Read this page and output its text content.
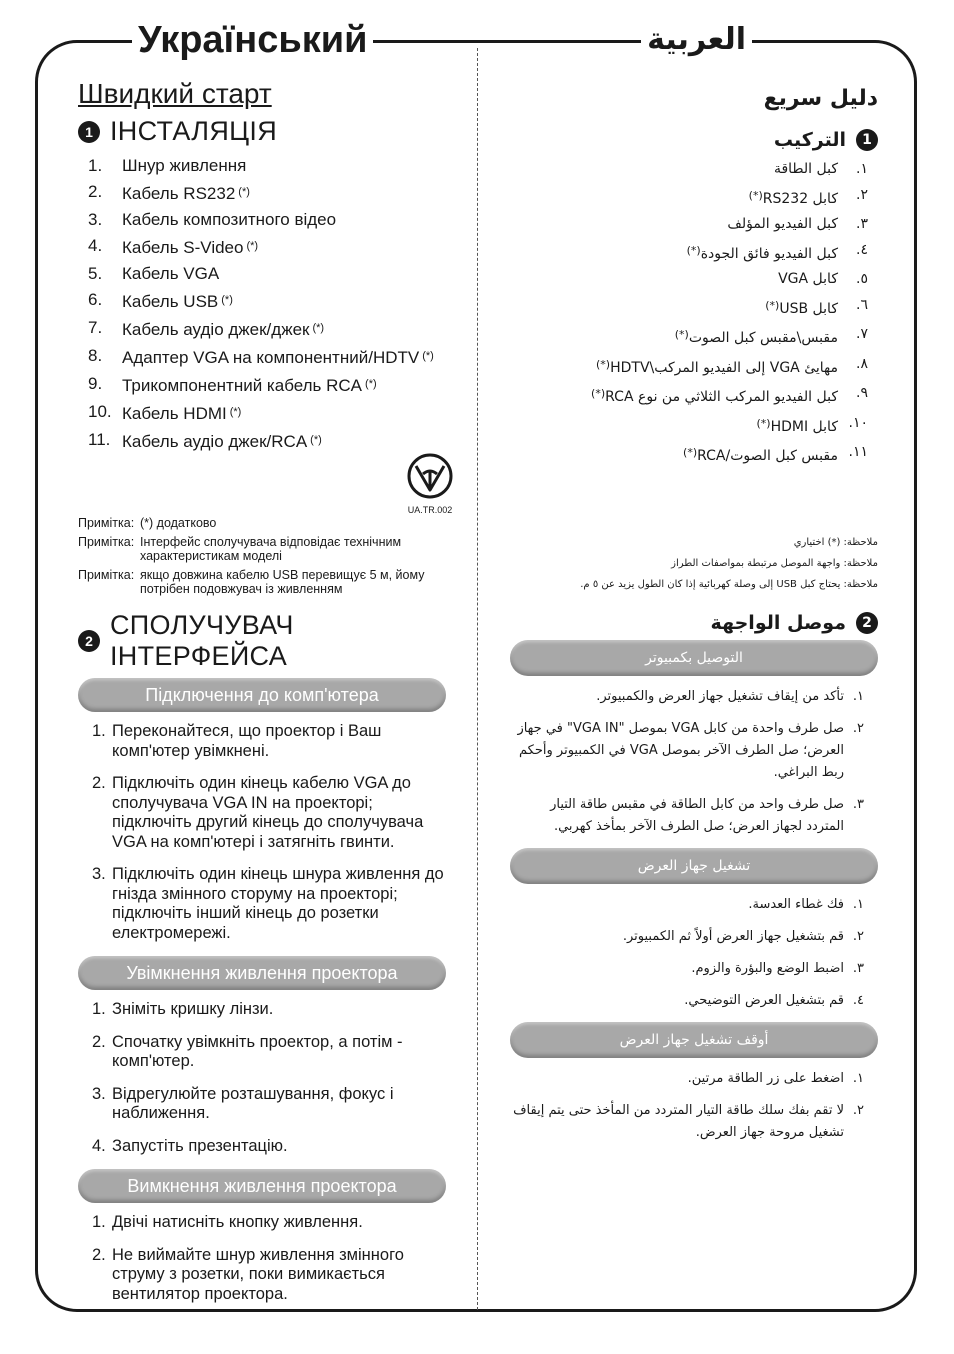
Український	العربية
Швидкий старт
1 ІНСТАЛЯЦІЯ
1.	Шнур живлення
2.	Кабель RS232 (*)
3.	Кабель композитного відео
4.	Кабель S-Video (*)
5.	Кабель VGA
6.	Кабель USB (*)
7.	Кабель аудіо джек/джек (*)
8.	Адаптер VGA на компонентний/HDTV (*)
9.	Трикомпонентний кабель RCA (*)
10. Кабель HDMI (*)
11. Кабель аудіо джек/RCA (*)
UA.TR.002
Примітка: (*) додатково
Примітка: Інтерфейс сполучувача відповідає технічним характеристикам моделі
Примітка: якщо довжина кабелю USB перевищує 5 м, йому потрібен подовжувач із живленням
2
СПОЛУЧУВАЧ ІНТЕРФЕЙСА
Підключення до комп'ютера
1. Переконайтеся, що проектор і Ваш комп'ютер увімкнені.
2. Підключіть один кінець кабелю VGA до сполучувача VGA IN на проекторі; підключіть другий кінець до сполучувача VGA на комп'ютері і затягніть гвинти.
3. Підключіть один кінець шнура живлення до гнізда змінного сторуму на проекторі; підключіть інший кінець до розетки електромережі.
Увімкнення живлення проектора
1. Зніміть кришку лінзи.
2. Спочатку увімкніть проектор, а потім - комп'ютер.
3. Відрегулюйте розташування, фокус і наближення.
4. Запустіть презентацію.
Вимкнення живлення проектора
1. Двічі натисніть кнопку живлення.
2. Не виймайте шнур живлення змінного струму з розетки, поки вимикається вентилятор проектора.
دليل سريع
1
التركيب
١.
كبل الطاقة
٢.
كابل RS232(*)
٣.
كبل الفيديو المؤلف
٤.
كبل الفيديو فائق الجودة(*)
٥.
كابل VGA
٦.
كابل USB(*)
٧.
مقبس\مقبس كبل الصوت(*)
٨.
مهايئ VGA إلى الفيديو المركب\HDTV(*)
٩.
كبل الفيديو المركب الثلاثي من نوع RCA(*)
١٠.
كابل HDMI(*)
١١.
مقبس كبل الصوت/RCA(*)
ملاحظة: (*) اختياري
ملاحظة: واجهة الموصل مرتبطة بمواصفات الطراز
ملاحظة: يحتاج كبل USB إلى وصلة كهربائية إذا كان الطول يزيد عن ٥ م.
2
موصل الواجهة
التوصيل بكمبيوتر
١.
تأكد من إيقاف تشغيل جهاز العرض والكمبيوتر.
٢.
صل طرف واحدة من كابل VGA بموصل "VGA IN" في جهاز العرض؛ صل الطرف الآخر بموصل VGA في الكمبيوتر وأحكم ربط البراغي.
٣.
صل طرف واحد من كابل الطاقة في مقبس طاقة التيار المتردد لجهاز العرض؛ صل الطرف الآخر بمأخذ كهربي.
تشغيل جهاز العرض
١.
فك غطاء العدسة.
٢.
قم بتشغيل جهاز العرض أولاً ثم الكمبيوتر.
٣.
اضبط الوضع والبؤرة والزوم.
٤.
قم بتشغيل العرض التوضيحي.
أوقف تشغيل جهاز العرض
١.
اضغط على زر الطاقة مرتين.
٢.
لا تقم بفك سلك طاقة التيار المتردد من المأخذ حتى يتم إيقاف تشغيل مروحة جهاز العرض.
